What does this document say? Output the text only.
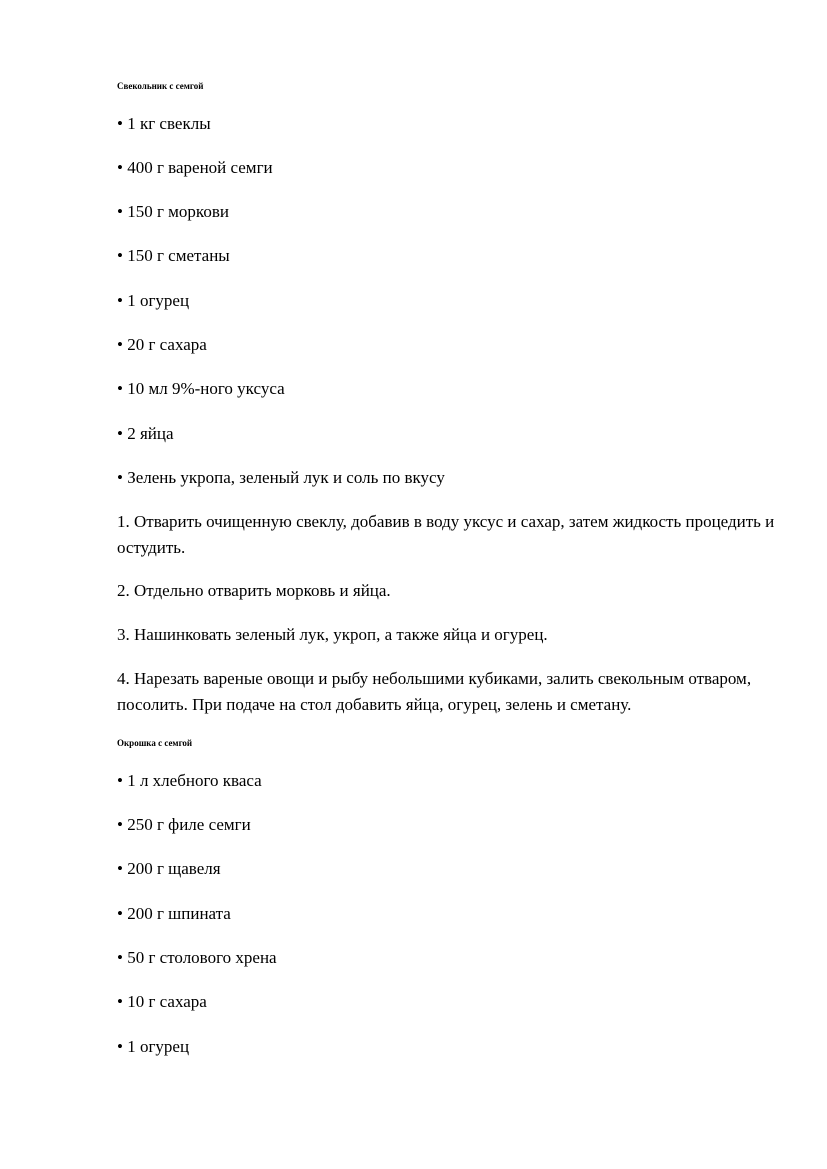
Свекольник с семгой
• 1 кг свеклы
• 400 г вареной семги
• 150 г моркови
• 150 г сметаны
• 1 огурец
• 20 г сахара
• 10 мл 9%-ного уксуса
• 2 яйца
• Зелень укропа, зеленый лук и соль по вкусу
1. Отварить очищенную свеклу, добавив в воду уксус и сахар, затем жидкость процедить и остудить.
2. Отдельно отварить морковь и яйца.
3. Нашинковать зеленый лук, укроп, а также яйца и огурец.
4. Нарезать вареные овощи и рыбу небольшими кубиками, залить свекольным отваром, посолить. При подаче на стол добавить яйца, огурец, зелень и сметану.
Окрошка с семгой
• 1 л хлебного кваса
• 250 г филе семги
• 200 г щавеля
• 200 г шпината
• 50 г столового хрена
• 10 г сахара
• 1 огурец
